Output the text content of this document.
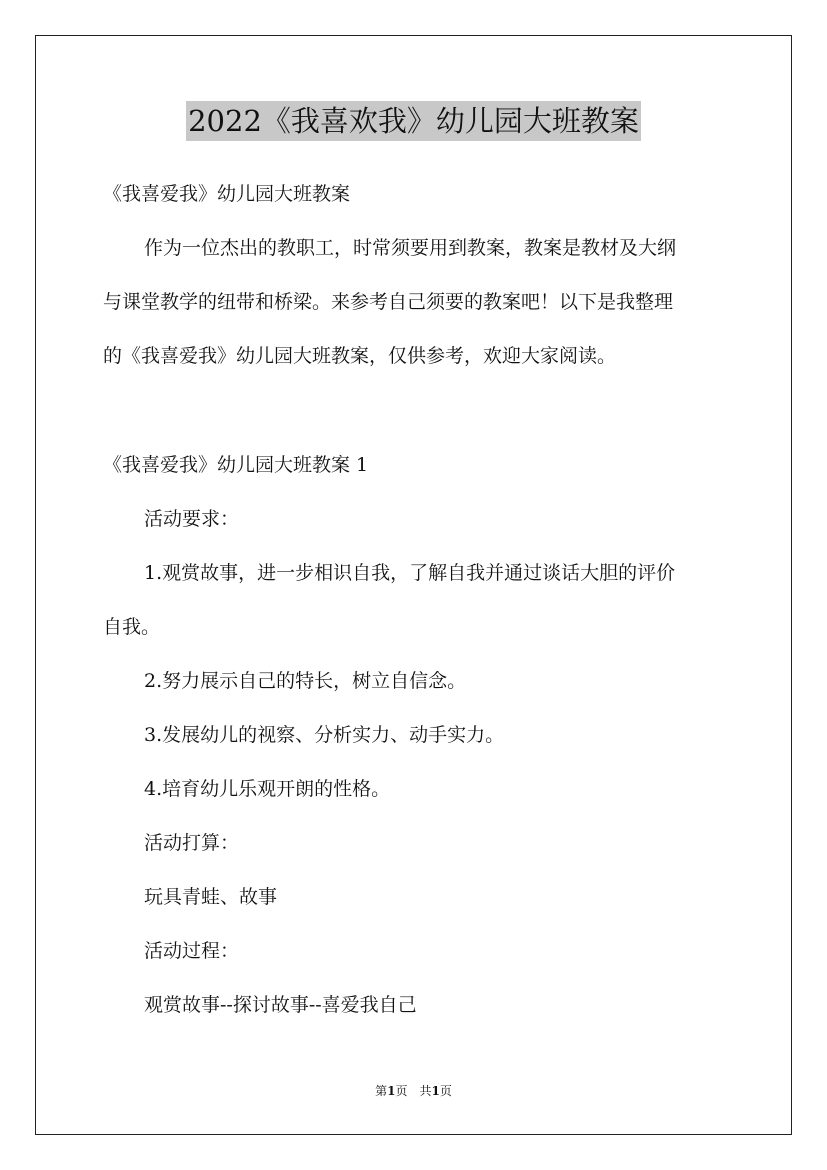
2022《我喜欢我》幼儿园大班教案
《我喜爱我》幼儿园大班教案
作为一位杰出的教职工，时常须要用到教案，教案是教材及大纲
与课堂教学的纽带和桥梁。来参考自己须要的教案吧！以下是我整理
的《我喜爱我》幼儿园大班教案，仅供参考，欢迎大家阅读。
《我喜爱我》幼儿园大班教案 1
活动要求：
1.观赏故事，进一步相识自我，了解自我并通过谈话大胆的评价
自我。
2.努力展示自己的特长，树立自信念。
3.发展幼儿的视察、分析实力、动手实力。
4.培育幼儿乐观开朗的性格。
活动打算：
玩具青蛙、故事
活动过程：
观赏故事--探讨故事--喜爱我自己
第1页　共1页
